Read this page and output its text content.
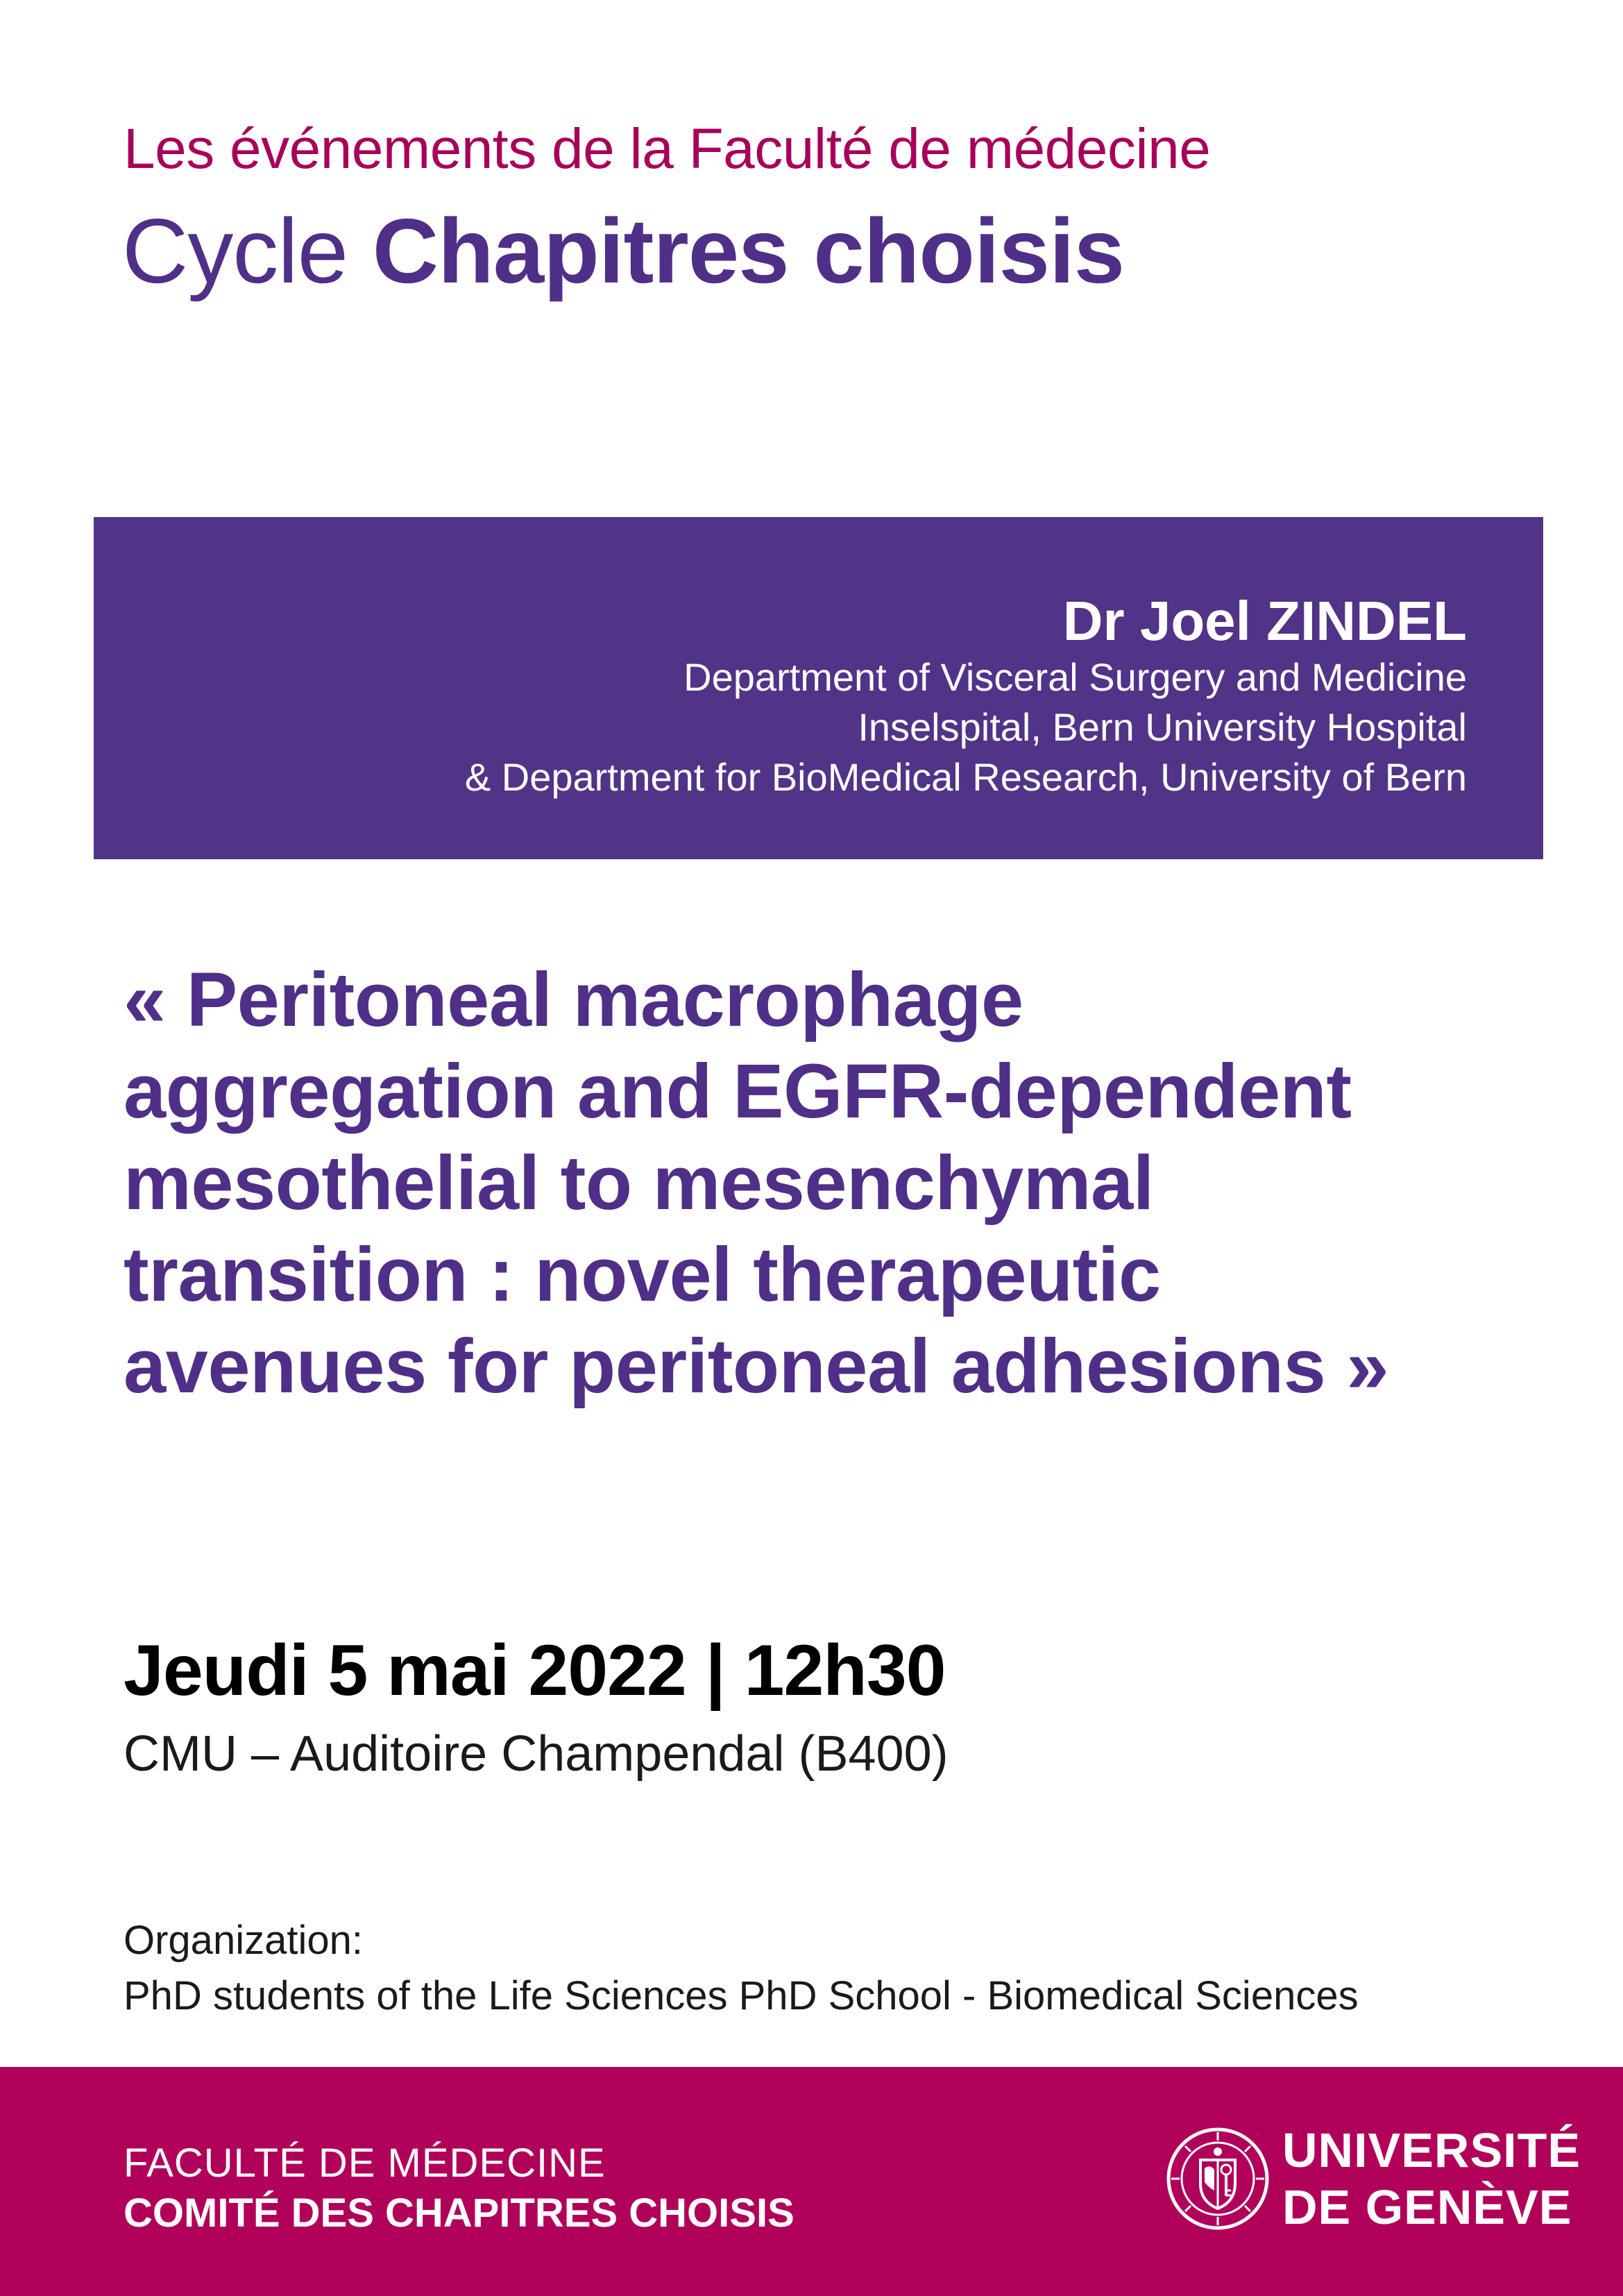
Les événements de la Faculté de médecine
Cycle Chapitres choisis
Dr Joel ZINDEL
Department of Visceral Surgery and Medicine
Inselspital, Bern University Hospital
& Department for BioMedical Research, University of Bern
« Peritoneal macrophage
aggregation and EGFR-dependent
mesothelial to mesenchymal
transition : novel therapeutic
avenues for peritoneal adhesions »
Jeudi 5 mai 2022 | 12h30
CMU – Auditoire Champendal (B400)
Organization:
PhD students of the Life Sciences PhD School - Biomedical Sciences
FACULTÉ DE MÉDECINE
COMITÉ DES CHAPITRES CHOISIS
UNIVERSITÉ
DE GENÈVE
